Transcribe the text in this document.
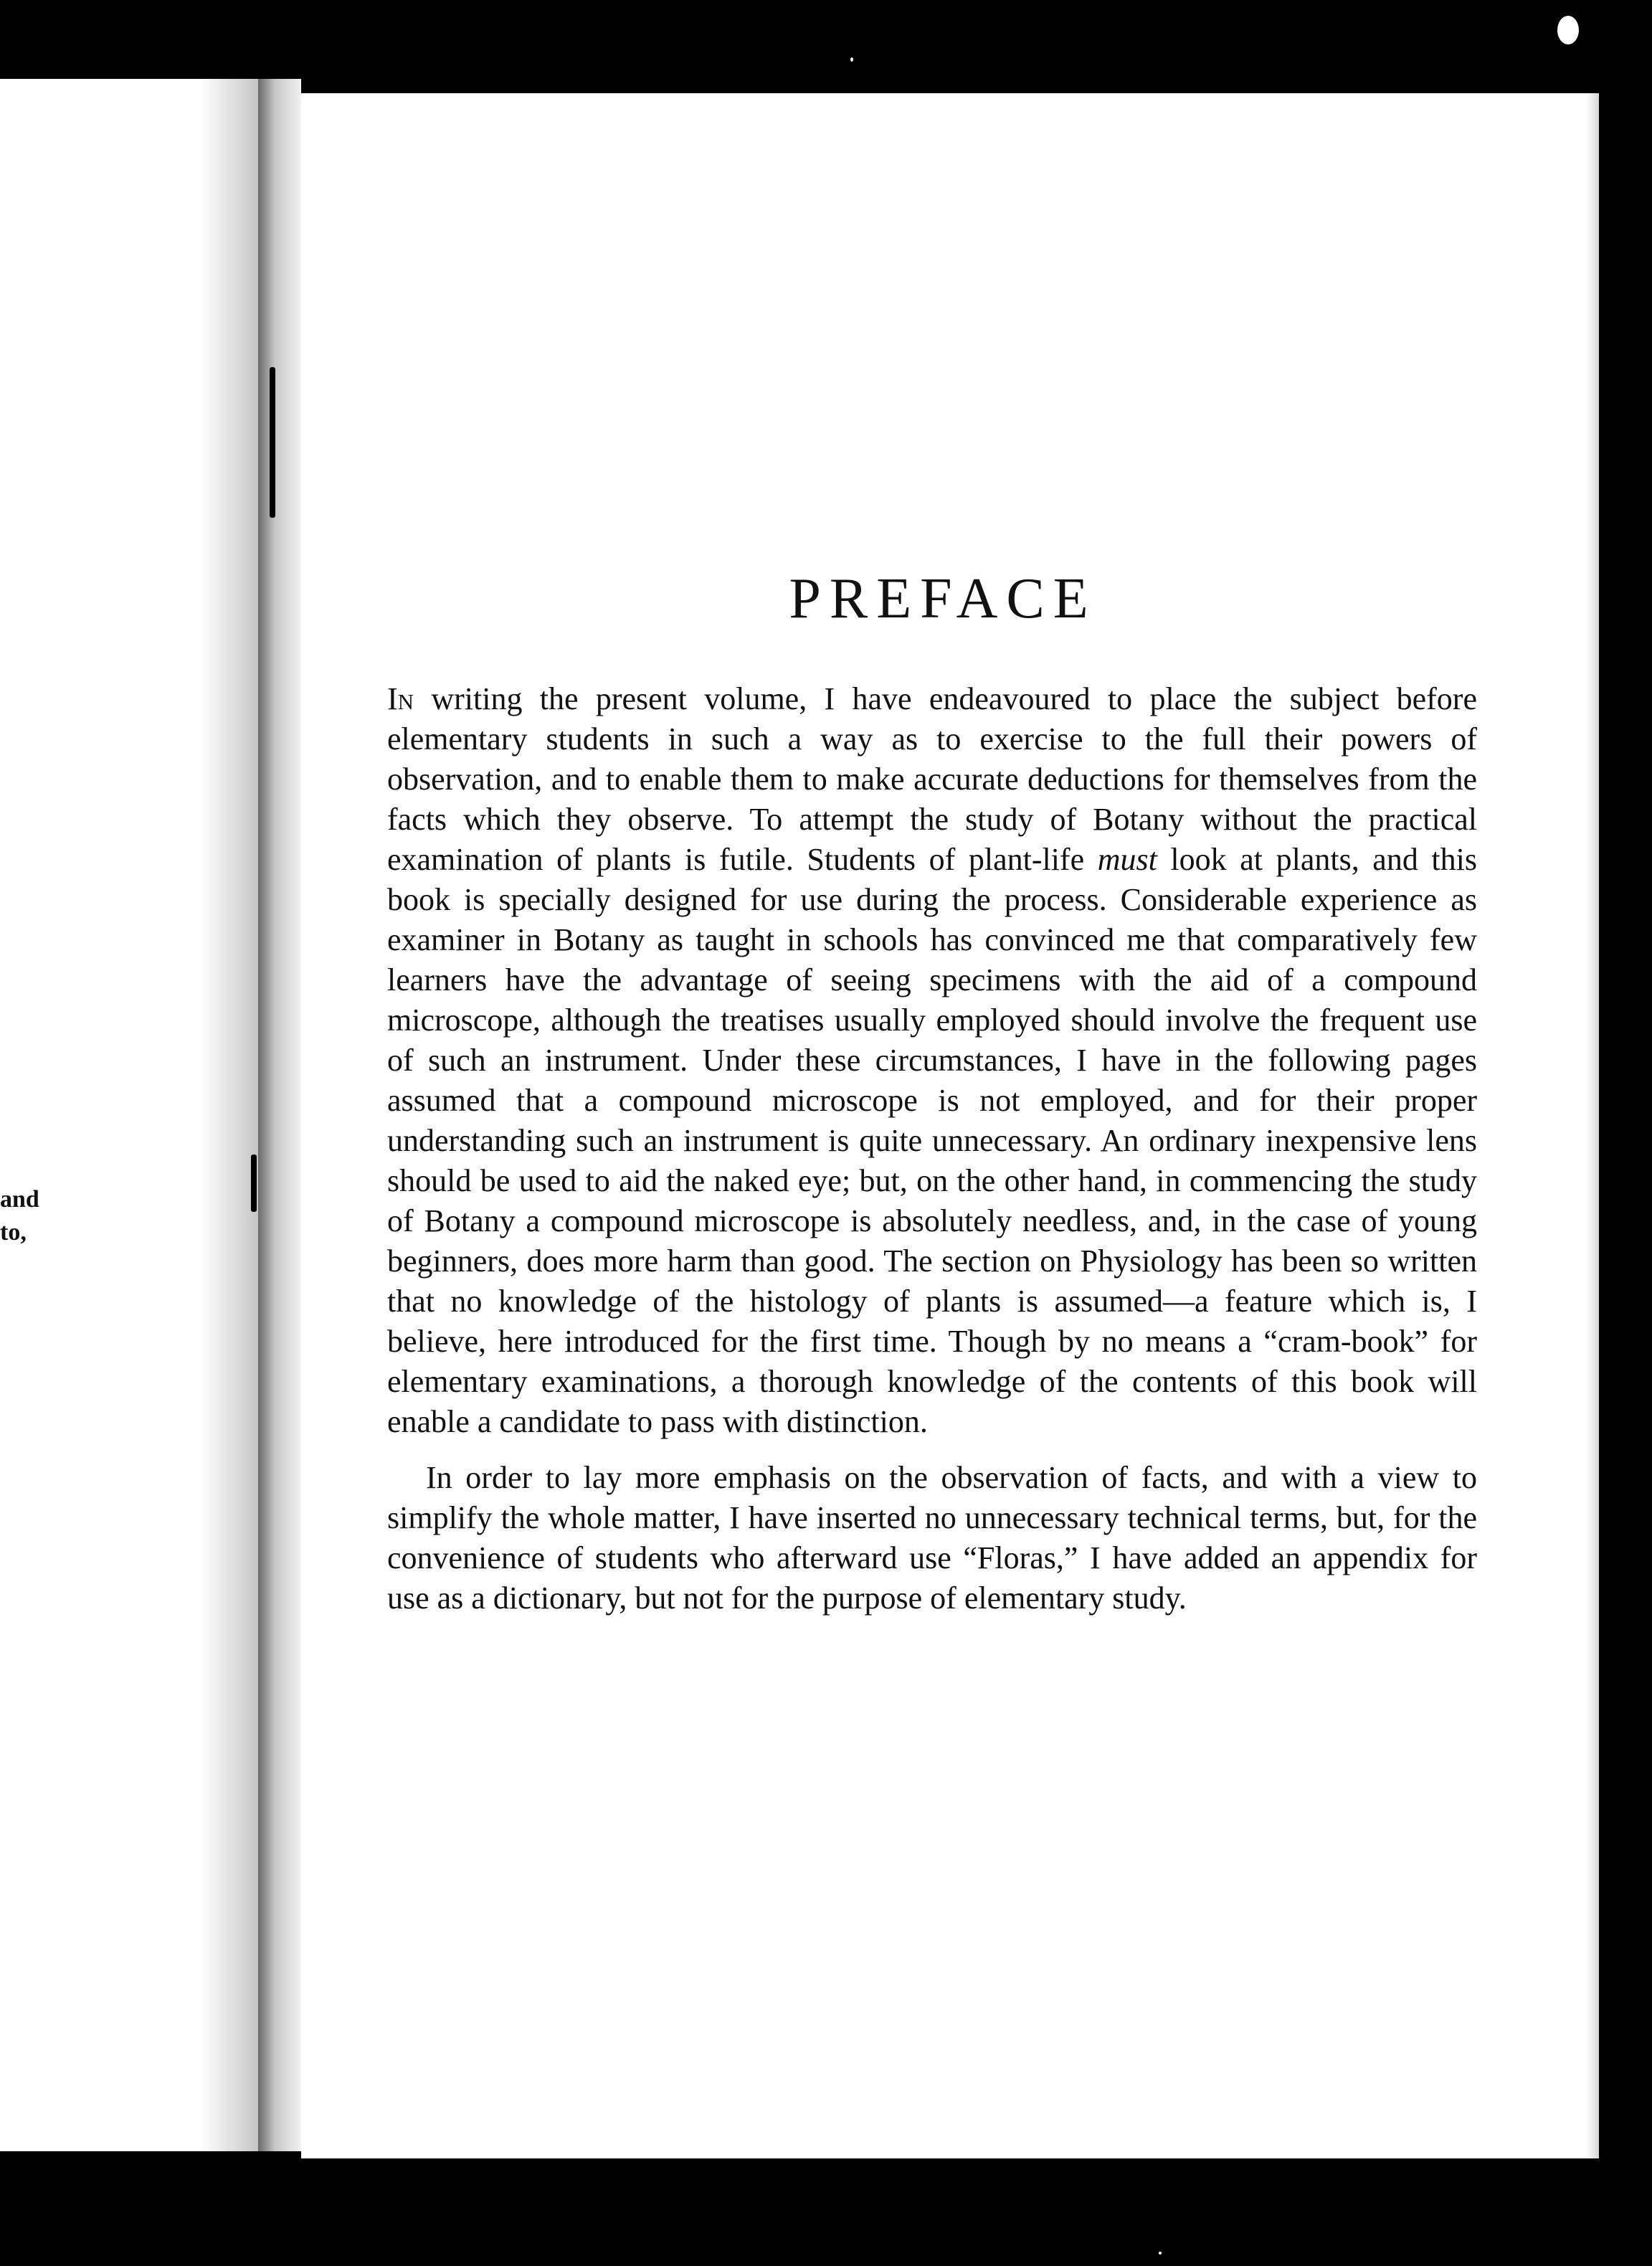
and
to,
PREFACE

In writing the present volume, I have endeavoured to place the subject before elementary students in such a way as to exercise to the full their powers of observation, and to enable them to make accurate deductions for themselves from the facts which they observe. To attempt the study of Botany without the practical examination of plants is futile. Students of plant-life must look at plants, and this book is specially designed for use during the process. Considerable experience as examiner in Botany as taught in schools has convinced me that comparatively few learners have the advantage of seeing specimens with the aid of a compound microscope, although the treatises usually employed should involve the frequent use of such an instrument. Under these circumstances, I have in the following pages assumed that a compound microscope is not employed, and for their proper understanding such an instrument is quite unnecessary. An ordinary inexpensive lens should be used to aid the naked eye; but, on the other hand, in commencing the study of Botany a compound microscope is absolutely needless, and, in the case of young beginners, does more harm than good. The section on Physiology has been so written that no knowledge of the histology of plants is assumed—a feature which is, I believe, here introduced for the first time. Though by no means a “cram-book” for elementary examinations, a thorough knowledge of the contents of this book will enable a candidate to pass with distinction.

In order to lay more emphasis on the observation of facts, and with a view to simplify the whole matter, I have inserted no unnecessary technical terms, but, for the convenience of students who afterward use “Floras,” I have added an appendix for use as a dictionary, but not for the purpose of elementary study.
